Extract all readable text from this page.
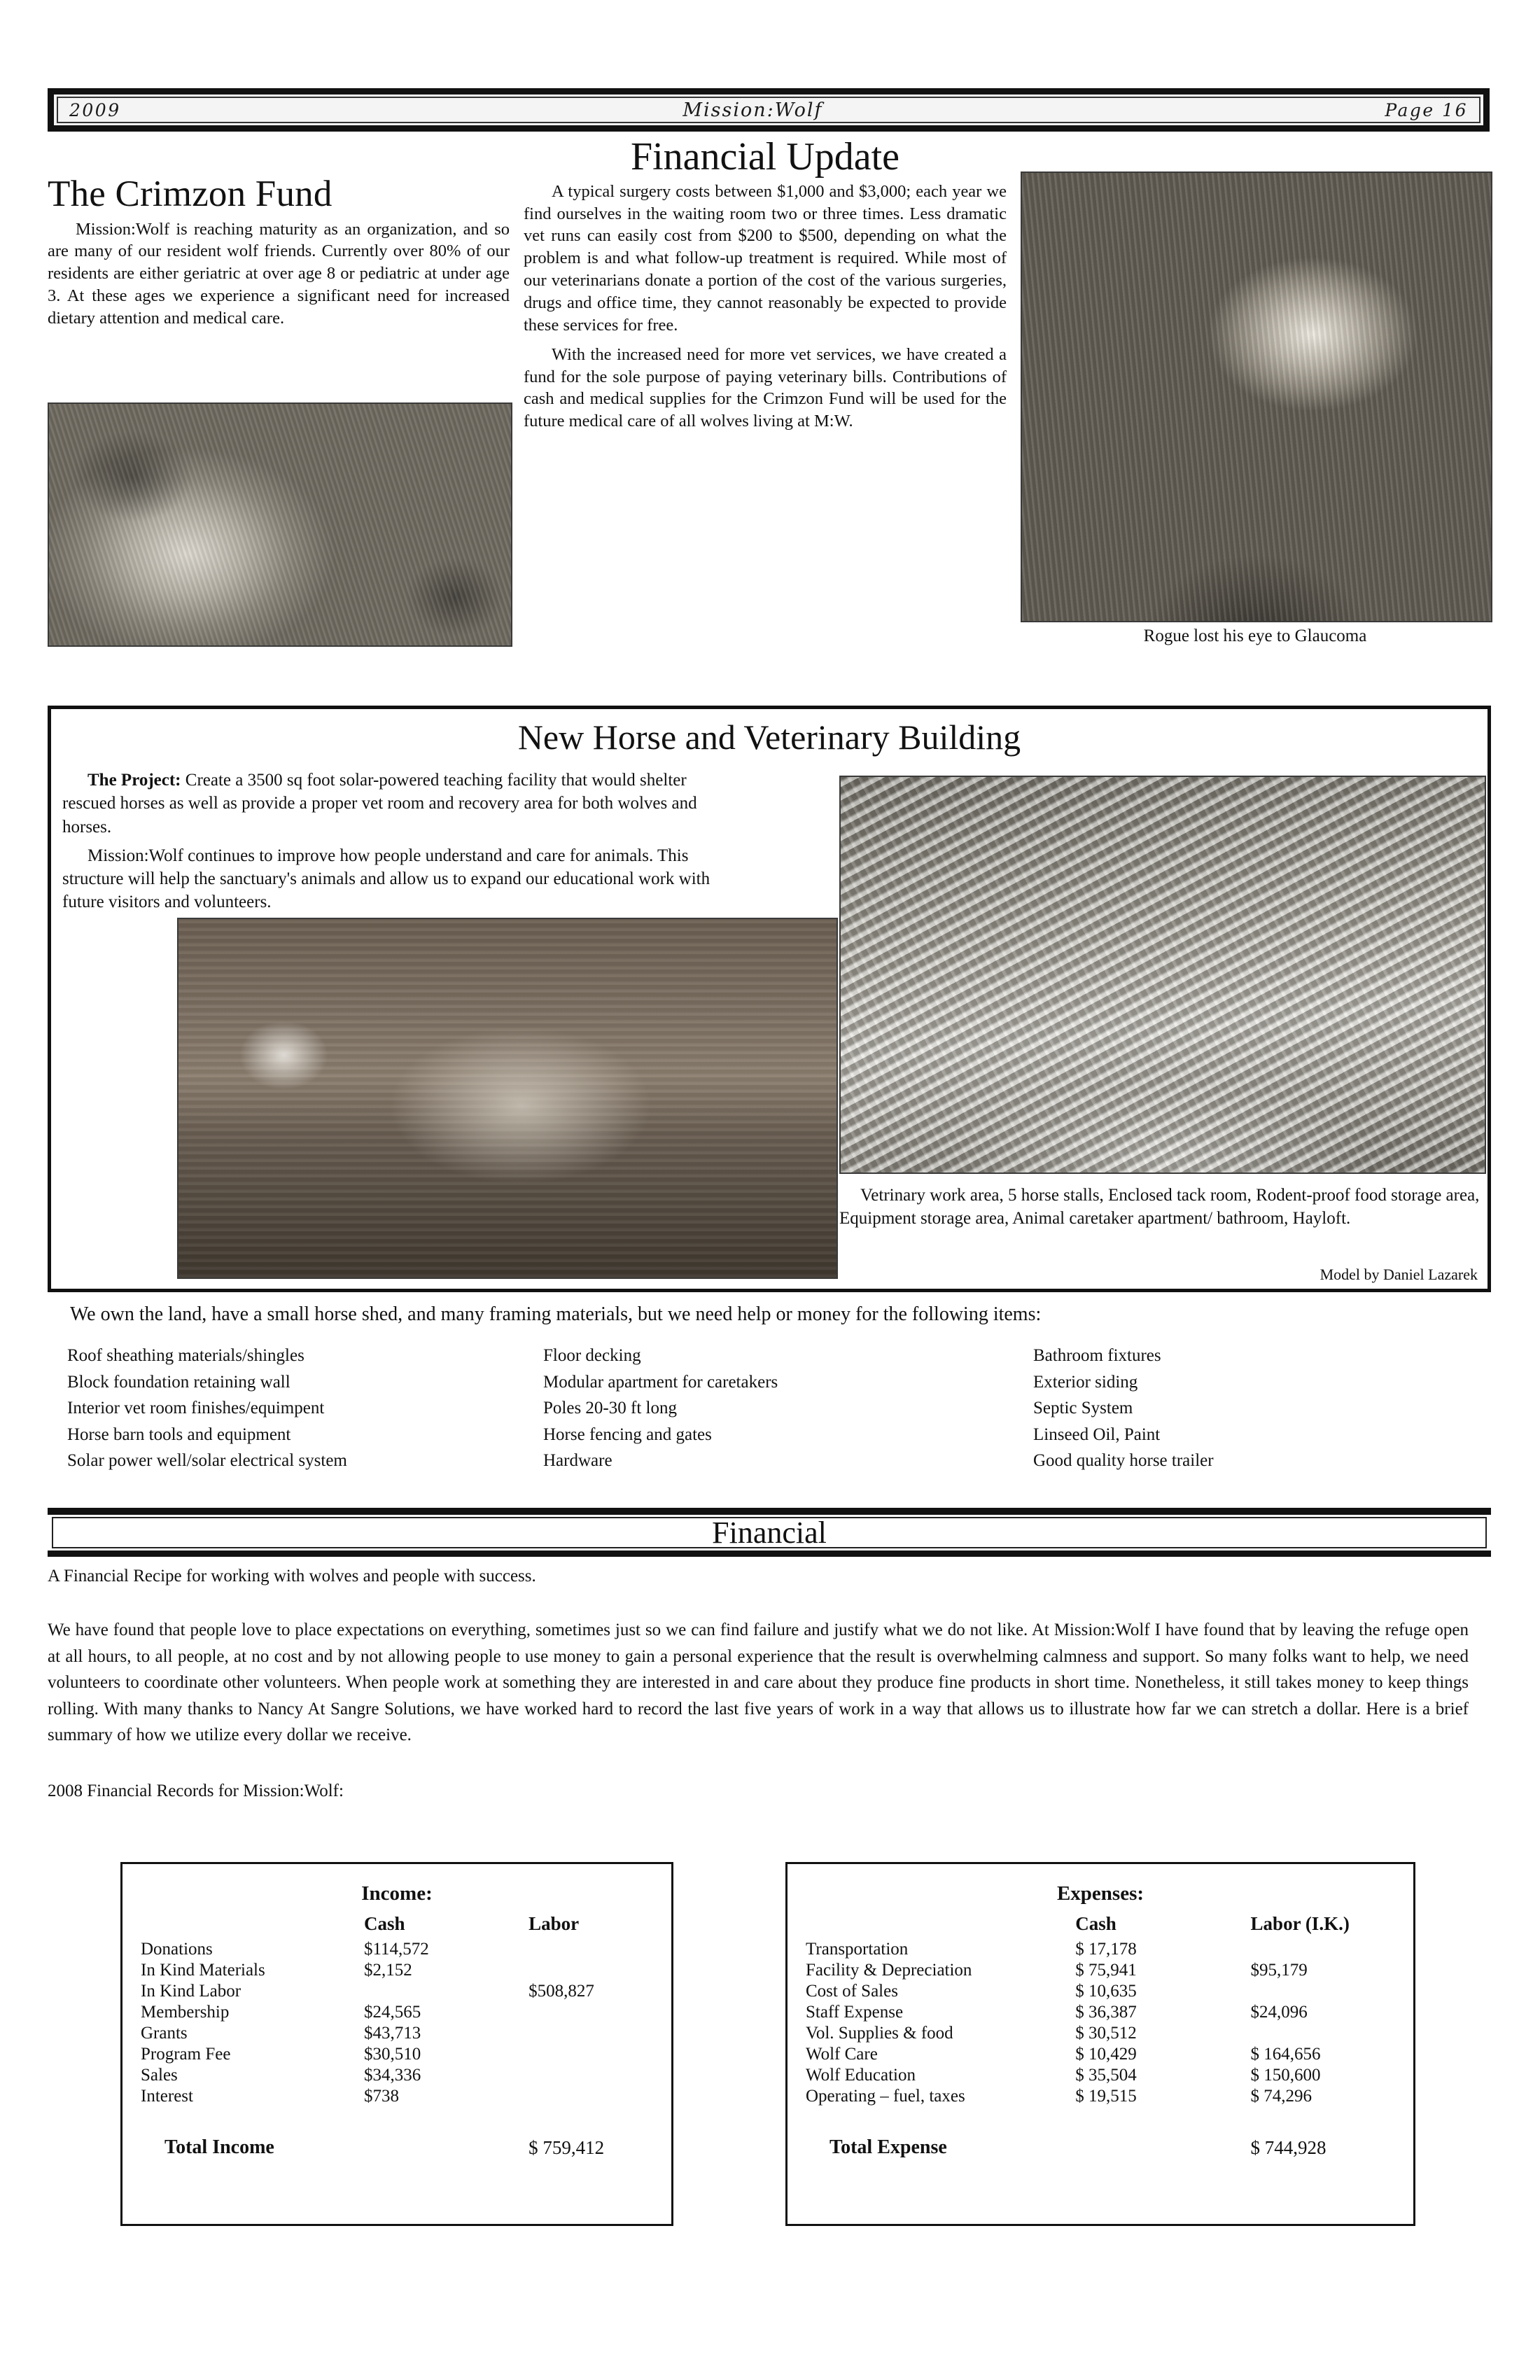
2009	Mission:Wolf	Page 16
The Crimzon Fund

Mission:Wolf is reaching maturity as an organization, and so are many of our resident wolf friends. Currently over 80% of our residents are either geriatric at over age 8 or pediatric at under age 3. At these ages we experience a significant need for increased dietary attention and medical care.

Financial Update

A typical surgery costs between $1,000 and $3,000; each year we find ourselves in the waiting room two or three times. Less dramatic vet runs can easily cost from $200 to $500, depending on what the problem is and what follow-up treatment is required. While most of our veterinarians donate a portion of the cost of the various surgeries, drugs and office time, they cannot reasonably be expected to provide these services for free.

With the increased need for more vet services, we have created a fund for the sole purpose of paying veterinary bills. Contributions of cash and medical supplies for the Crimzon Fund will be used for the future medical care of all wolves living at M:W.

Rogue lost his eye to Glaucoma
New Horse and Veterinary Building

The Project: Create a 3500 sq foot solar-powered teaching facility that would shelter rescued horses as well as provide a proper vet room and recovery area for both wolves and horses.

Mission:Wolf continues to improve how people understand and care for animals. This structure will help the sanctuary's animals and allow us to expand our educational work with future visitors and volunteers.

Vetrinary work area, 5 horse stalls, Enclosed tack room, Rodent-proof food storage area, Equipment storage area, Animal caretaker apartment/ bathroom, Hayloft.
Model by Daniel Lazarek
We own the land, have a small horse shed, and many framing materials, but we need help or money for the following items:
Roof sheathing materials/shingles
Block foundation retaining wall
Interior vet room finishes/equimpent
Horse barn tools and equipment
Solar power well/solar electrical system
Floor decking
Modular apartment for caretakers
Poles 20-30 ft long
Horse fencing and gates
Hardware
Bathroom fixtures
Exterior siding
Septic System
Linseed Oil, Paint
Good quality horse trailer
Financial
A Financial Recipe for working with wolves and people with success.
We have found that people love to place expectations on everything, sometimes just so we can find failure and justify what we do not like. At Mission:Wolf I have found that by leaving the refuge open at all hours, to all people, at no cost and by not allowing people to use money to gain a personal experience that the result is overwhelming calmness and support. So many folks want to help, we need volunteers to coordinate other volunteers. When people work at something they are interested in and care about they produce fine products in short time. Nonetheless, it still takes money to keep things rolling. With many thanks to Nancy At Sangre Solutions, we have worked hard to record the last five years of work in a way that allows us to illustrate how far we can stretch a dollar. Here is a brief summary of how we utilize every dollar we receive.
2008 Financial Records for Mission:Wolf:
Income:
	Cash	Labor
Donations	$114,572	
In Kind Materials	$2,152	
In Kind Labor		$508,827
Membership	$24,565	
Grants	$43,713	
Program Fee	$30,510	
Sales	$34,336	
Interest	$738	
Total Income		$ 759,412
Expenses:
	Cash	Labor (I.K.)
Transportation	$ 17,178	
Facility & Depreciation	$ 75,941	$95,179
Cost of Sales	$ 10,635	
Staff Expense	$ 36,387	$24,096
Vol. Supplies & food	$ 30,512	
Wolf Care	$ 10,429	$ 164,656
Wolf Education	$ 35,504	$ 150,600
Operating – fuel, taxes	$ 19,515	$ 74,296
Total Expense		$ 744,928
